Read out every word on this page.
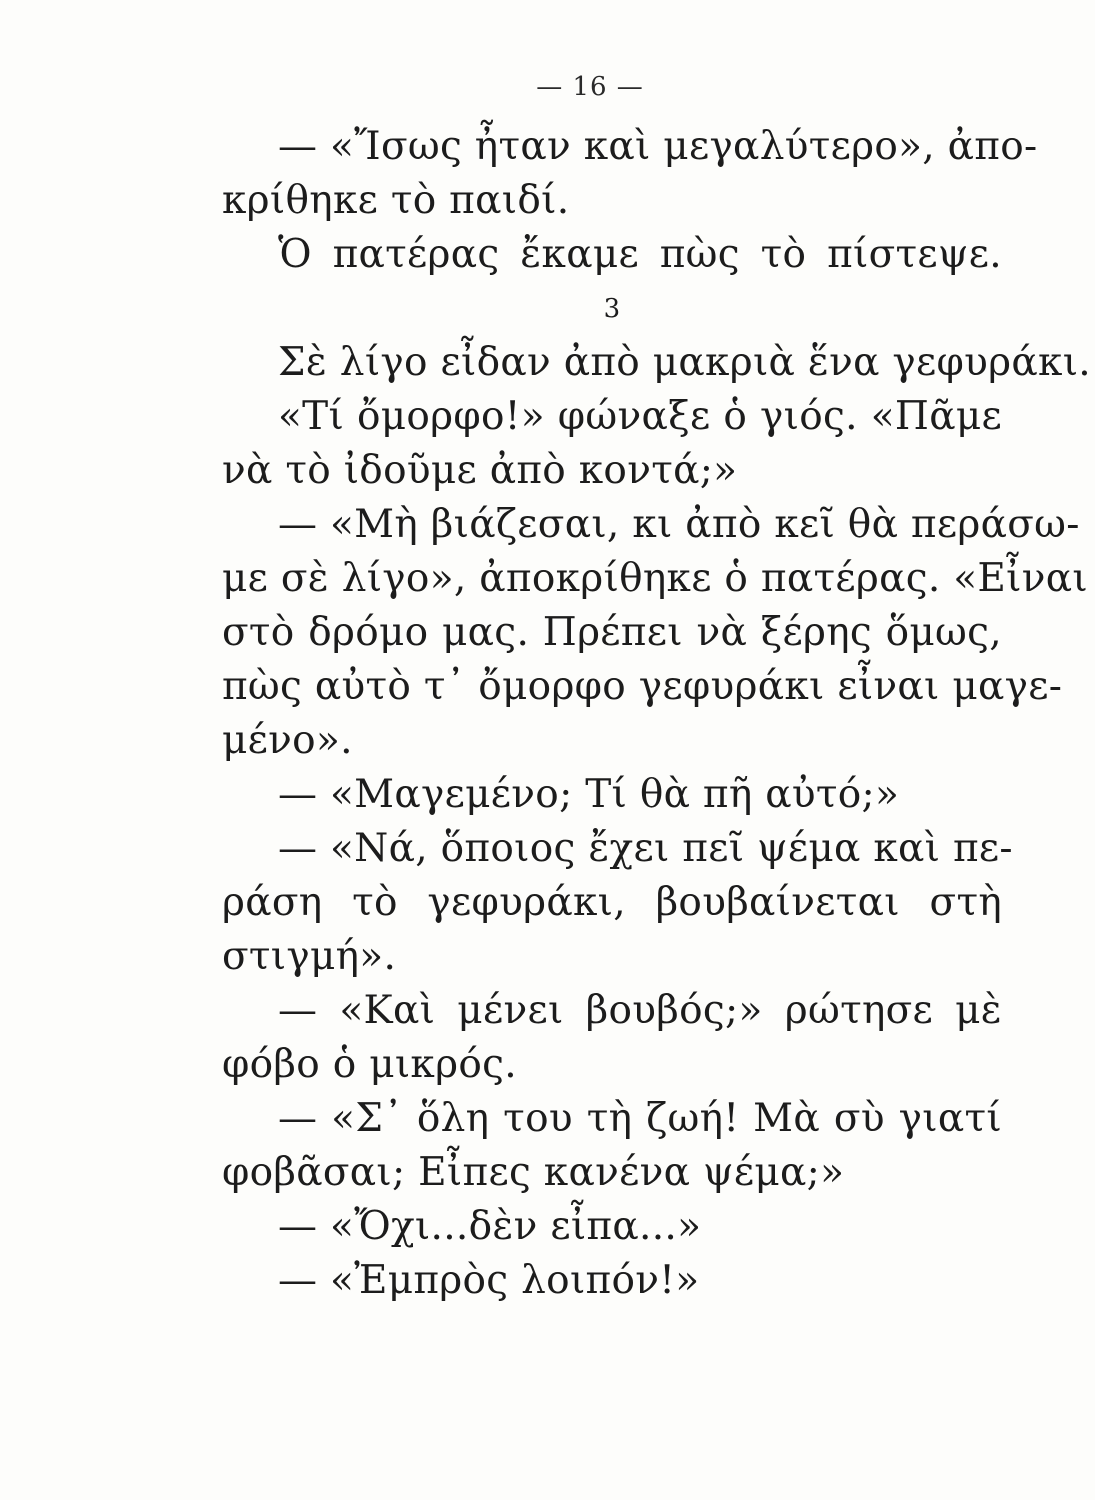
— 16 —
— «Ἴσως ἦταν καὶ μεγαλύτερο», ἀπο-
κρίθηκε τὸ παιδί.
Ὁ πατέρας ἔκαμε πὼς τὸ πίστεψε.
3
Σὲ λίγο εἶδαν ἀπὸ μακριὰ ἕνα γεφυράκι.
«Τί ὄμορφο!» φώναξε ὁ γιός. «Πᾶμε
νὰ τὸ ἰδοῦμε ἀπὸ κοντά;»
— «Μὴ βιάζεσαι, κι ἀπὸ κεῖ θὰ περάσω-
με σὲ λίγο», ἀποκρίθηκε ὁ πατέρας. «Εἶναι
στὸ δρόμο μας. Πρέπει νὰ ξέρης ὅμως,
πὼς αὐτὸ τ᾿ ὄμορφο γεφυράκι εἶναι μαγε-
μένο».
— «Μαγεμένο; Τί θὰ πῆ αὐτό;»
— «Νά, ὅποιος ἔχει πεῖ ψέμα καὶ πε-
ράση τὸ γεφυράκι, βουβαίνεται στὴ
στιγμή».
— «Καὶ μένει βουβός;» ρώτησε μὲ
φόβο ὁ μικρός.
— «Σ᾿ ὅλη του τὴ ζωή! Μὰ σὺ γιατί
φοβᾶσαι; Εἶπες κανένα ψέμα;»
— «Ὄχι...δὲν εἶπα...»
— «Ἐμπρὸς λοιπόν!»
